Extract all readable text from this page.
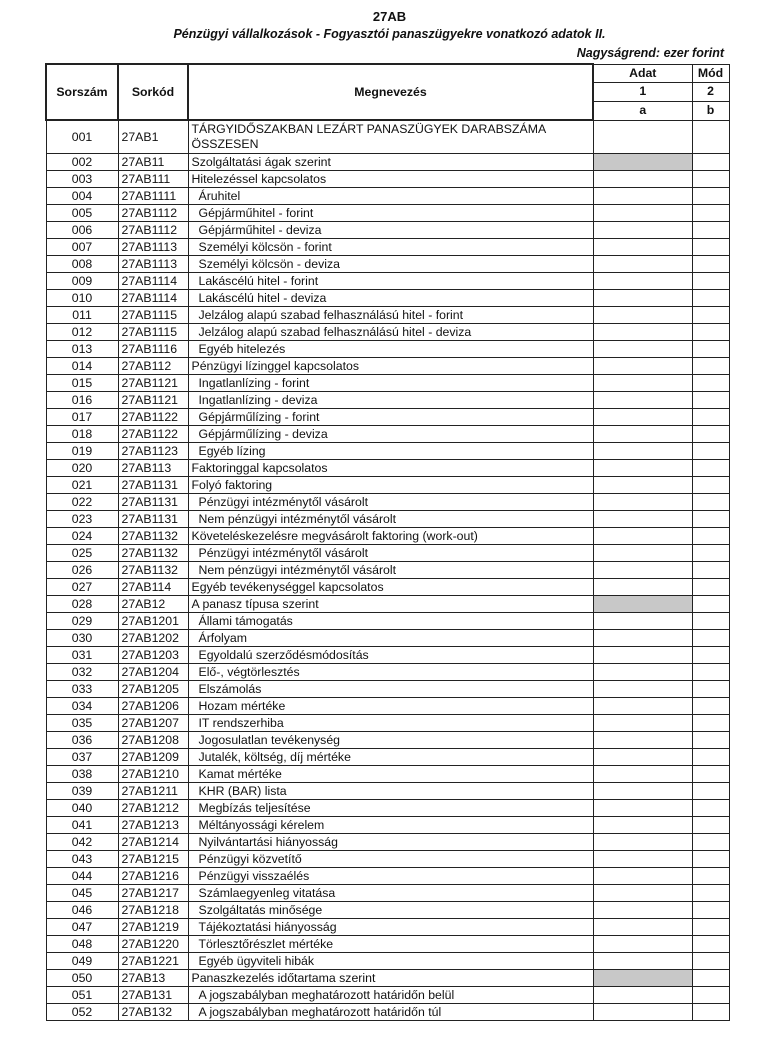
27AB
Pénzügyi vállalkozások - Fogyasztói panaszügyekre vonatkozó adatok II.
Nagyságrend: ezer forint
Sorszám	Sorkód	Megnevezés	Adat	Mód
			1	2
			a	b
001	27AB1	TÁRGYIDŐSZAKBAN LEZÁRT PANASZÜGYEK DARABSZÁMA ÖSSZESEN		
002	27AB11	Szolgáltatási ágak szerint		
003	27AB111	Hitelezéssel kapcsolatos		
004	27AB1111	Áruhitel		
005	27AB1112	Gépjárműhitel - forint		
006	27AB1112	Gépjárműhitel - deviza		
007	27AB1113	Személyi kölcsön - forint		
008	27AB1113	Személyi kölcsön - deviza		
009	27AB1114	Lakáscélú hitel - forint		
010	27AB1114	Lakáscélú hitel - deviza		
011	27AB1115	Jelzálog alapú szabad felhasználású hitel - forint		
012	27AB1115	Jelzálog alapú szabad felhasználású hitel - deviza		
013	27AB1116	Egyéb hitelezés		
014	27AB112	Pénzügyi lízinggel kapcsolatos		
015	27AB1121	Ingatlanlízing - forint		
016	27AB1121	Ingatlanlízing - deviza		
017	27AB1122	Gépjárműlízing - forint		
018	27AB1122	Gépjárműlízing - deviza		
019	27AB1123	Egyéb lízing		
020	27AB113	Faktoringgal kapcsolatos		
021	27AB1131	Folyó faktoring		
022	27AB1131	Pénzügyi intézménytől vásárolt		
023	27AB1131	Nem pénzügyi intézménytől vásárolt		
024	27AB1132	Követeléskezelésre megvásárolt faktoring (work-out)		
025	27AB1132	Pénzügyi intézménytől vásárolt		
026	27AB1132	Nem pénzügyi intézménytől vásárolt		
027	27AB114	Egyéb tevékenységgel kapcsolatos		
028	27AB12	A panasz típusa szerint		
029	27AB1201	Állami támogatás		
030	27AB1202	Árfolyam		
031	27AB1203	Egyoldalú szerződésmódosítás		
032	27AB1204	Elő-, végtörlesztés		
033	27AB1205	Elszámolás		
034	27AB1206	Hozam mértéke		
035	27AB1207	IT rendszerhiba		
036	27AB1208	Jogosulatlan tevékenység		
037	27AB1209	Jutalék, költség, díj mértéke		
038	27AB1210	Kamat mértéke		
039	27AB1211	KHR (BAR) lista		
040	27AB1212	Megbízás teljesítése		
041	27AB1213	Méltányossági kérelem		
042	27AB1214	Nyilvántartási hiányosság		
043	27AB1215	Pénzügyi közvetítő		
044	27AB1216	Pénzügyi visszaélés		
045	27AB1217	Számlaegyenleg vitatása		
046	27AB1218	Szolgáltatás minősége		
047	27AB1219	Tájékoztatási hiányosság		
048	27AB1220	Törlesztőrészlet mértéke		
049	27AB1221	Egyéb ügyviteli hibák		
050	27AB13	Panaszkezelés időtartama szerint		
051	27AB131	A jogszabályban meghatározott határidőn belül		
052	27AB132	A jogszabályban meghatározott határidőn túl		
